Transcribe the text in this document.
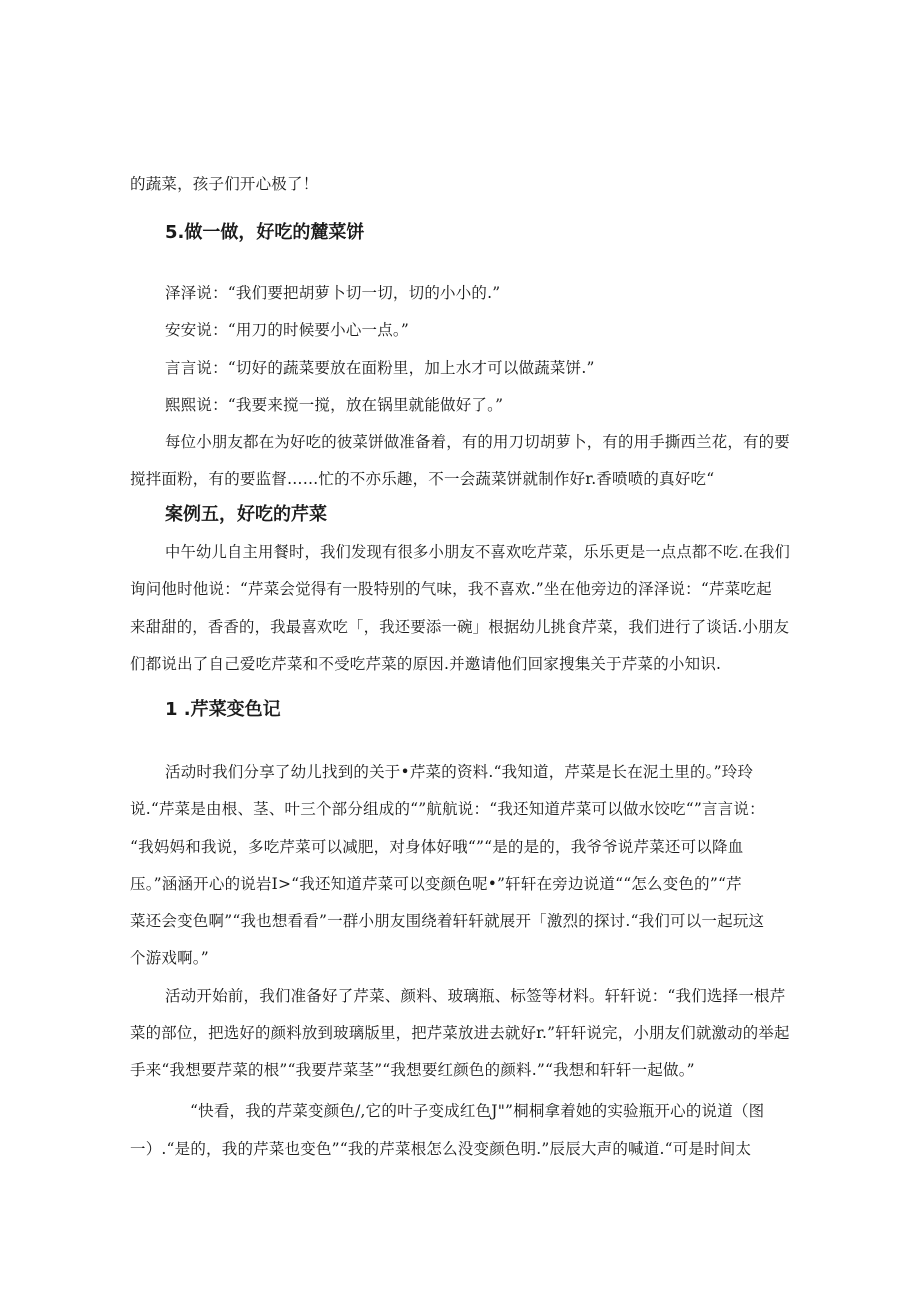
的蔬菜，孩子们开心极了！
5.做一做，好吃的麓菜饼
泽泽说：“我们要把胡萝卜切一切，切的小小的.”
安安说：“用刀的时候要小心一点。”
言言说：“切好的蔬菜要放在面粉里，加上水才可以做蔬菜饼.”
熙熙说：“我要来搅一搅，放在锅里就能做好了。”
每位小朋友都在为好吃的彼菜饼做准备着，有的用刀切胡萝卜，有的用手撕西兰花，有的要
搅拌面粉，有的要监督……忙的不亦乐趣，不一会蔬菜饼就制作好r.香喷喷的真好吃“
案例五，好吃的芹菜
中午幼儿自主用餐时，我们发现有很多小朋友不喜欢吃芹菜，乐乐更是一点点都不吃.在我们
询问他时他说：“芹菜会觉得有一股特别的气味，我不喜欢.”坐在他旁边的泽泽说：“芹菜吃起
来甜甜的，香香的，我最喜欢吃「，我还要添一碗」根据幼儿挑食芹菜，我们进行了谈话.小朋友
们都说出了自己爱吃芹菜和不受吃芹菜的原因.并邀请他们回家搜集关于芹菜的小知识.
1 .芹菜变色记
活动时我们分享了幼儿找到的关于•芹菜的资料.“我知道，芹菜是长在泥土里的。”玲玲
说.“芹菜是由根、茎、叶三个部分组成的“”航航说：“我还知道芹菜可以做水饺吃“”言言说：
“我妈妈和我说，多吃芹菜可以减肥，对身体好哦“”“是的是的，我爷爷说芹菜还可以降血
压。”涵涵开心的说岩I>“我还知道芹菜可以变颜色呢•”轩轩在旁边说道““怎么变色的”“芹
菜还会变色啊”“我也想看看”一群小朋友围绕着轩轩就展开「激烈的探讨.“我们可以一起玩这
个游戏啊。”
活动开始前，我们准备好了芹菜、颜料、玻璃瓶、标签等材料。轩轩说：“我们选择一根芹
菜的部位，把选好的颜料放到玻璃版里，把芹菜放进去就好r.”轩轩说完，小朋友们就激动的举起
手来“我想要芹菜的根”“我要芹菜茎”“我想要红颜色的颜料.”“我想和轩轩一起做。”
“快看，我的芹菜变颜色/,它的叶子变成红色J"”桐桐拿着她的实验瓶开心的说道（图
一）.“是的，我的芹菜也变色”“我的芹菜根怎么没变颜色明.”辰辰大声的喊道.“可是时间太
